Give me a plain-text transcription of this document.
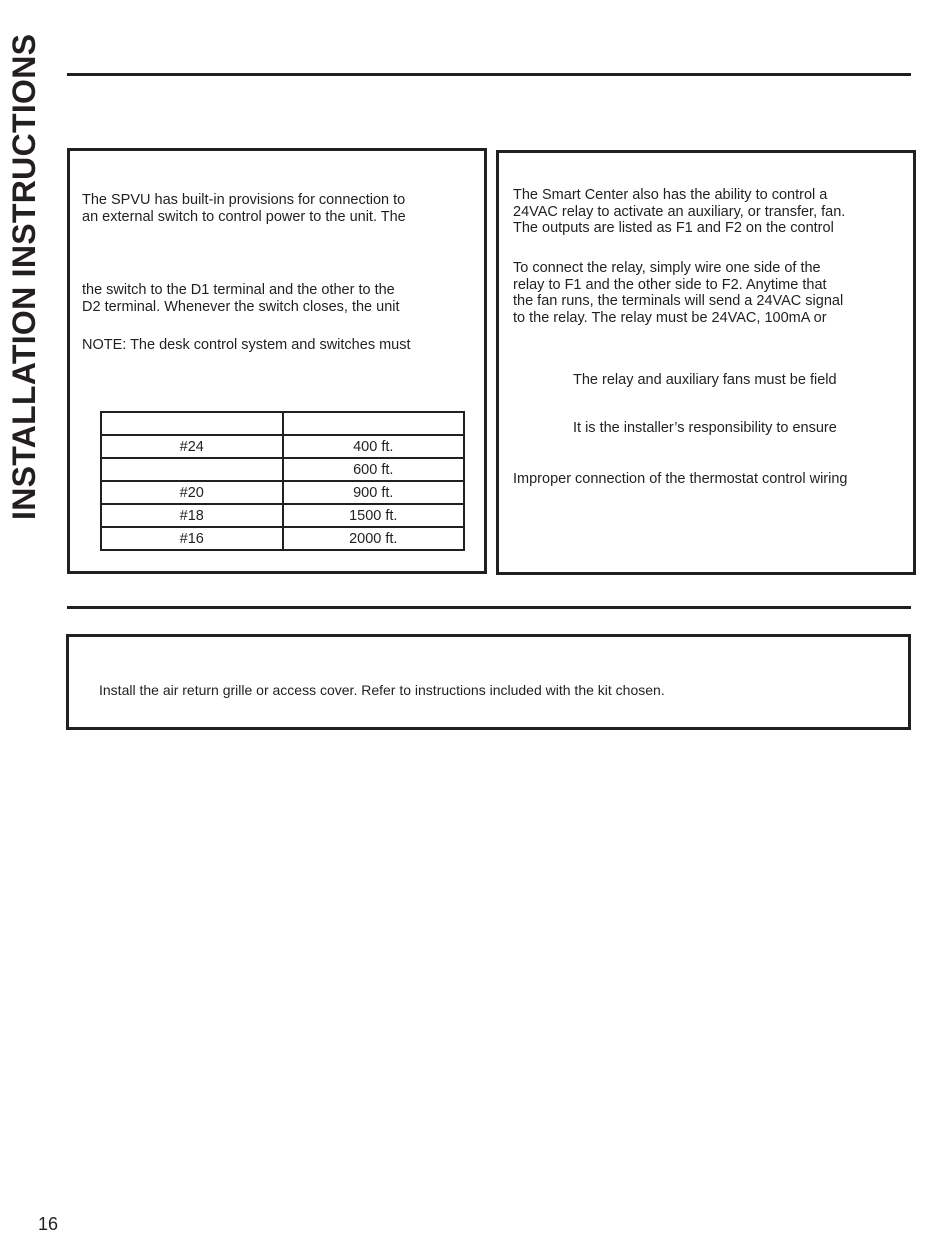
INSTALLATION INSTRUCTIONS	The SPVU has built-in provisions for connection to
an external switch to control power to the unit. The

the switch to the D1 terminal and the other to the
D2 terminal. Whenever the switch closes, the unit

NOTE: The desk control system and switches must

#24	400 ft.
	600 ft.
#20	900 ft.
#18	1500 ft.
#16	2000 ft.

The Smart Center also has the ability to control a
24VAC relay to activate an auxiliary, or transfer, fan.
The outputs are listed as F1 and F2 on the control

To connect the relay, simply wire one side of the
relay to F1 and the other side to F2. Anytime that
the fan runs, the terminals will send a 24VAC signal
to the relay. The relay must be 24VAC, 100mA or

The relay and auxiliary fans must be field

It is the installer’s responsibility to ensure

Improper connection of the thermostat control wiring

Install the air return grille or access cover. Refer to instructions included with the kit chosen.

16
